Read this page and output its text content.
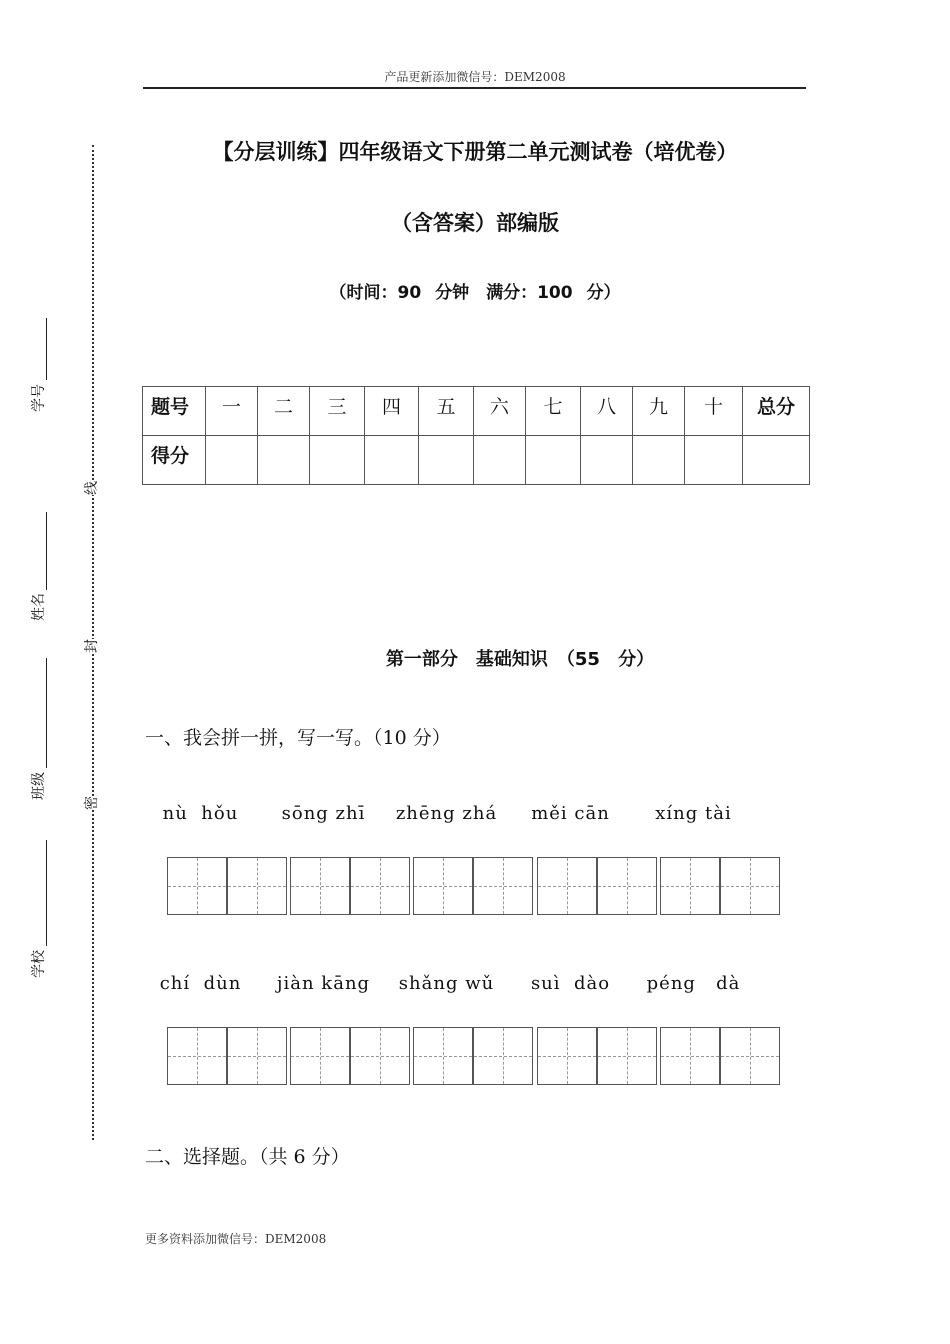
产品更新添加微信号：DEM2008
学号
姓名
班级
学校
线
封
密
【分层训练】四年级语文下册第二单元测试卷（培优卷）
（含答案）部编版
（时间：90 分钟　满分：100 分）
题号	一	二	三	四	五	六	七	八	九	十	总分
得分											
第一部分　基础知识　（55 分）
一、我会拼一拼，写一写。（10 分）
nù  hǒu	sōng zhī	zhēng zhá	měi cān	xíng tài
chí  dùn	jiàn kāng	shǎng wǔ	suì  dào	péng   dà
二、选择题。（共 6 分）
更多资料添加微信号：DEM2008
